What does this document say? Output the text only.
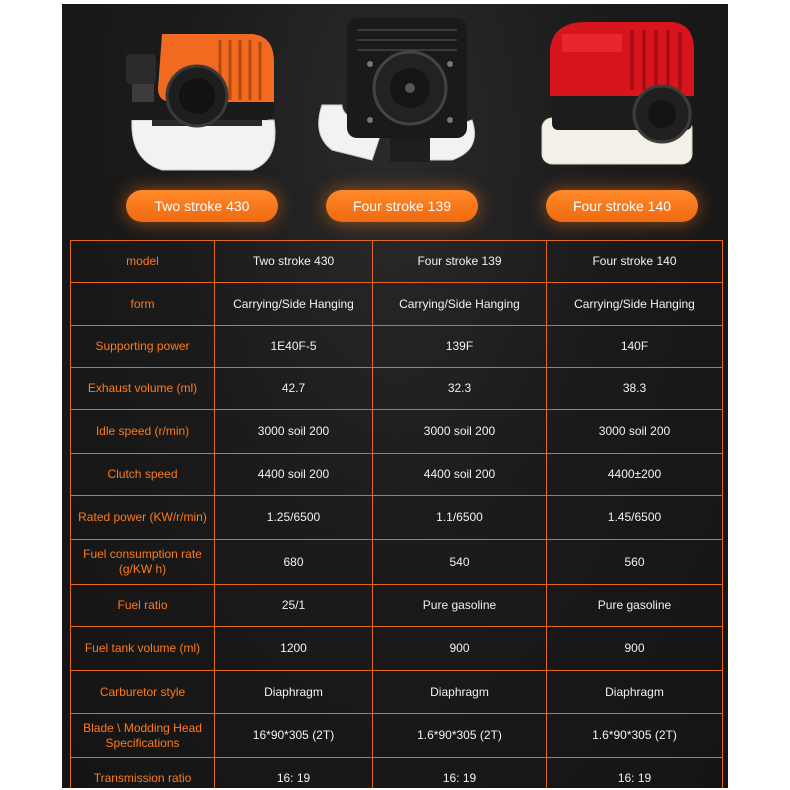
Two stroke 430	Four stroke 139	Four stroke 140
model	Two stroke 430	Four stroke 139	Four stroke 140
form	Carrying/Side Hanging	Carrying/Side Hanging	Carrying/Side Hanging
Supporting power	1E40F-5	139F	140F
Exhaust volume (ml)	42.7	32.3	38.3
Idle speed (r/min)	3000 soil 200	3000 soil 200	3000 soil 200
Clutch speed	4400 soil 200	4400 soil 200	4400±200
Rated power (KW/r/min)	1.25/6500	1.1/6500	1.45/6500
Fuel consumption rate (g/KW h)	680	540	560
Fuel ratio	25/1	Pure gasoline	Pure gasoline
Fuel tank volume (ml)	1200	900	900
Carburetor style	Diaphragm	Diaphragm	Diaphragm
Blade \ Modding Head Specifications	16*90*305 (2T)	1.6*90*305 (2T)	1.6*90*305 (2T)
Transmission ratio	16: 19	16: 19	16: 19
